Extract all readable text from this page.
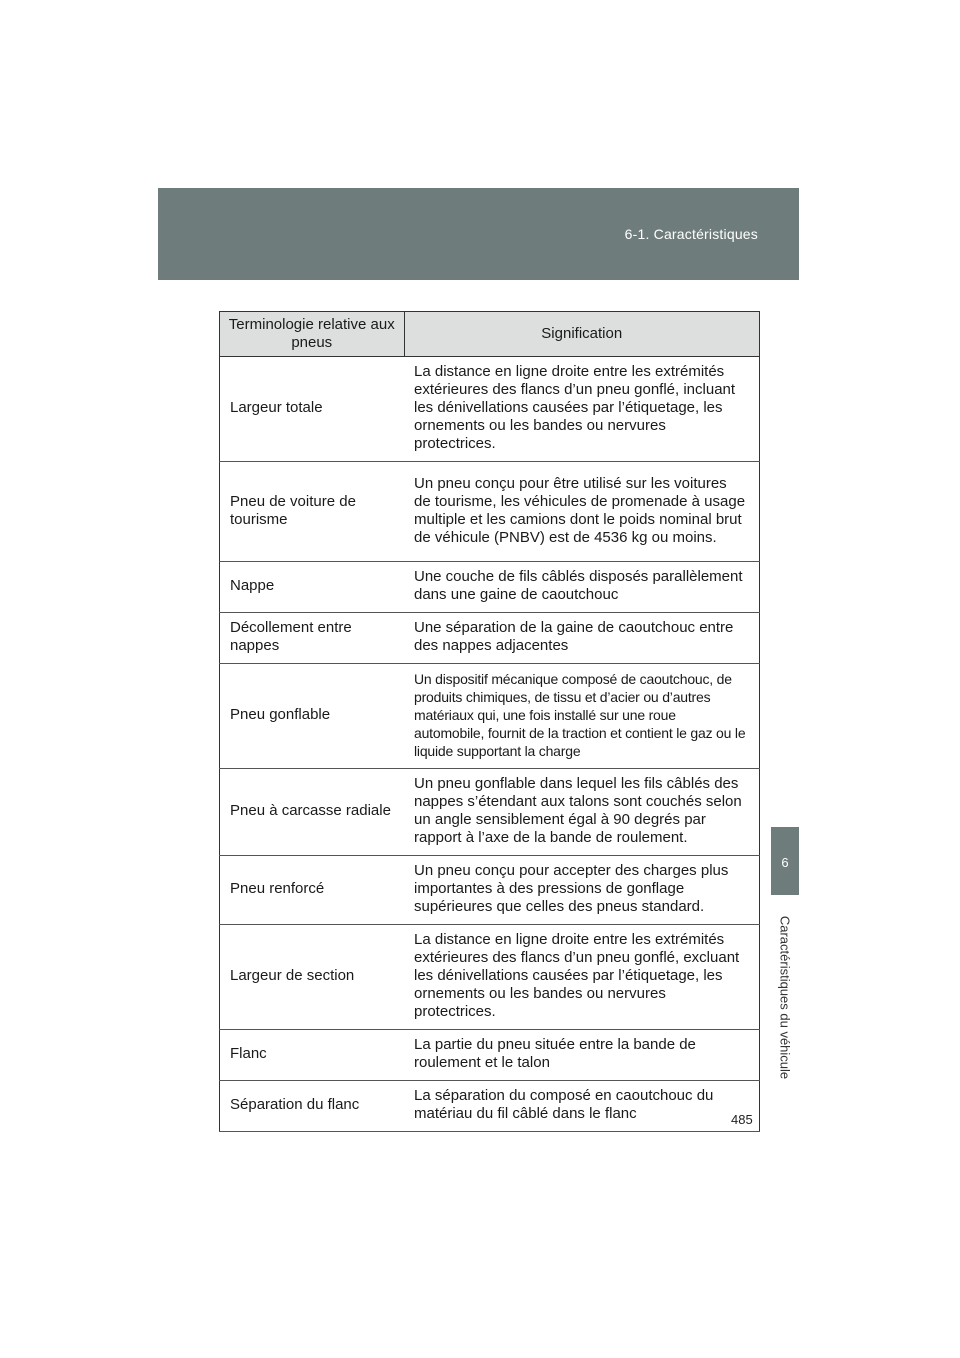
6-1. Caractéristiques
6
Caractéristiques du véhicule
Terminologie relative aux pneus	Signification
Largeur totale	La distance en ligne droite entre les extrémités extérieures des flancs d’un pneu gonflé, incluant les dénivellations causées par l’étiquetage, les ornements ou les bandes ou nervures protectrices.
Pneu de voiture de tourisme	Un pneu conçu pour être utilisé sur les voitures de tourisme, les véhicules de promenade à usage multiple et les camions dont le poids nominal brut de véhicule (PNBV) est de 4536 kg ou moins.
Nappe	Une couche de fils câblés disposés parallèlement dans une gaine de caoutchouc
Décollement entre nappes	Une séparation de la gaine de caoutchouc entre des nappes adjacentes
Pneu gonflable	Un dispositif mécanique composé de caoutchouc, de produits chimiques, de tissu et d’acier ou d’autres matériaux qui, une fois installé sur une roue automobile, fournit de la traction et contient le gaz ou le liquide supportant la charge
Pneu à carcasse radiale	Un pneu gonflable dans lequel les fils câblés des nappes s’étendant aux talons sont couchés selon un angle sensiblement égal à 90 degrés par rapport à l’axe de la bande de roulement.
Pneu renforcé	Un pneu conçu pour accepter des charges plus importantes à des pressions de gonflage supérieures que celles des pneus standard.
Largeur de section	La distance en ligne droite entre les extrémités extérieures des flancs d’un pneu gonflé, excluant les dénivellations causées par l’étiquetage, les ornements ou les bandes ou nervures protectrices.
Flanc	La partie du pneu située entre la bande de roulement et le talon
Séparation du flanc	La séparation du composé en caoutchouc du matériau du fil câblé dans le flanc	485
